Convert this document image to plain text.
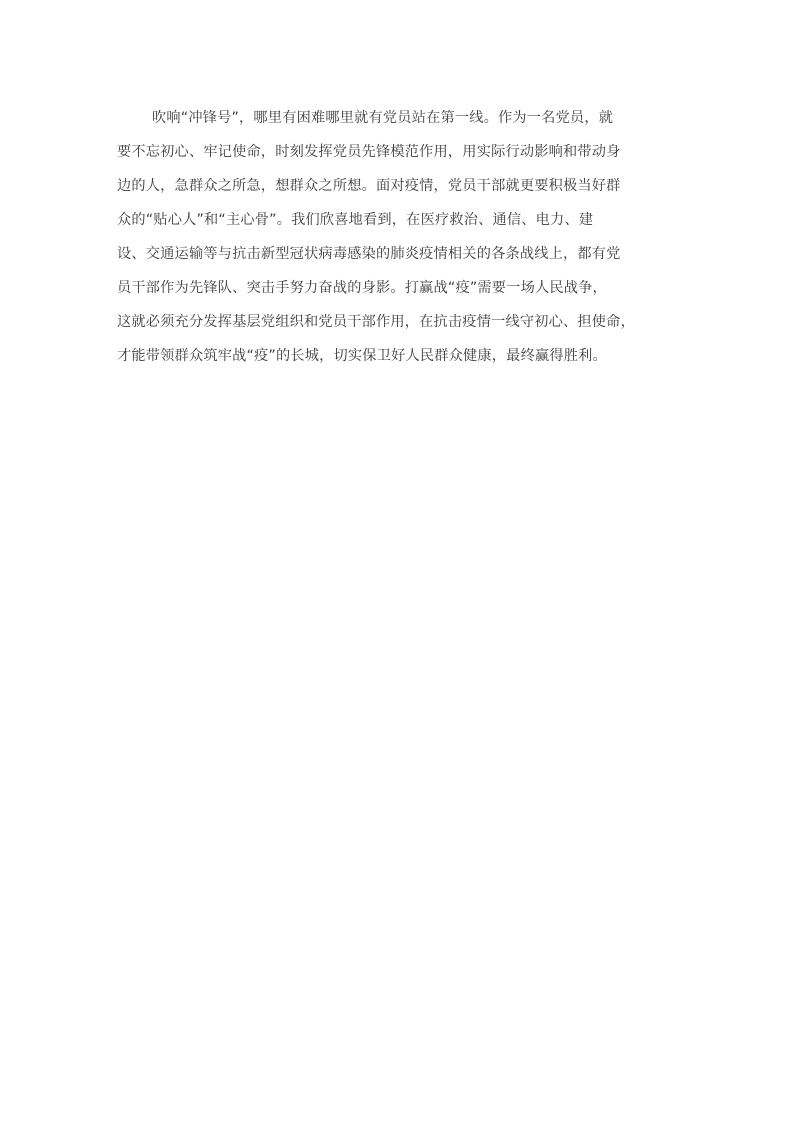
吹响“冲锋号”，哪里有困难哪里就有党员站在第一线。作为一名党员，就
要不忘初心、牢记使命，时刻发挥党员先锋模范作用，用实际行动影响和带动身
边的人，急群众之所急，想群众之所想。面对疫情，党员干部就更要积极当好群
众的“贴心人”和“主心骨”。我们欣喜地看到，在医疗救治、通信、电力、建
设、交通运输等与抗击新型冠状病毒感染的肺炎疫情相关的各条战线上，都有党
员干部作为先锋队、突击手努力奋战的身影。打赢战“疫”需要一场人民战争，
这就必须充分发挥基层党组织和党员干部作用，在抗击疫情一线守初心、担使命，
才能带领群众筑牢战“疫”的长城，切实保卫好人民群众健康，最终赢得胜利。
